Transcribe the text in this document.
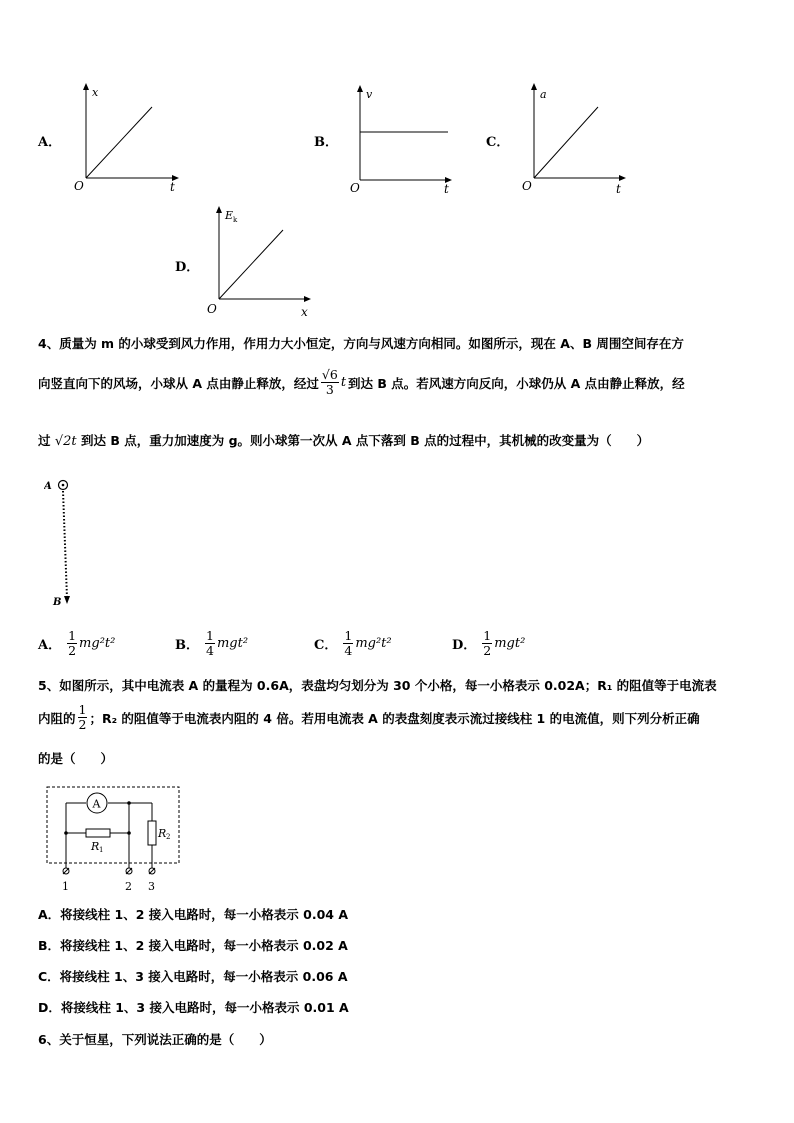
A．
x
O	t
B．
v
O	t
C．
a
O	t
D．
E k
O	x
4、质量为 m 的小球受到风力作用，作用力大小恒定，方向与风速方向相同。如图所示，现在 A、B 周围空间存在方
向竖直向下的风场，小球从 A 点由静止释放，经过 $\frac{√6}{3}$ t 到达 B 点。若风速方向反向，小球仍从 A 点由静止释放，经
过 √2t 到达 B 点，重力加速度为 g。则小球第一次从 A 点下落到 B 点的过程中，其机械的改变量为（　　）
A
B
A． $\frac{1}{2} mg^2t^2$	B． $\frac{1}{4} mgt^2$	C． $\frac{1}{4} mg^2t^2$	D． $\frac{1}{2} mgt^2$
5、如图所示，其中电流表 A 的量程为 0.6A，表盘均匀划分为 30 个小格，每一小格表示 0.02A；R₁ 的阻值等于电流表
内阻的 $\frac{1}{2}$ ；R₂ 的阻值等于电流表内阻的 4 倍。若用电流表 A 的表盘刻度表示流过接线柱 1 的电流值，则下列分析正确
的是（　　）
A
R 1
R 2
1	2 3
A．将接线柱 1、2 接入电路时，每一小格表示 0.04 A
B．将接线柱 1、2 接入电路时，每一小格表示 0.02 A
C．将接线柱 1、3 接入电路时，每一小格表示 0.06 A
D．将接线柱 1、3 接入电路时，每一小格表示 0.01 A
6、关于恒星，下列说法正确的是（　　）
